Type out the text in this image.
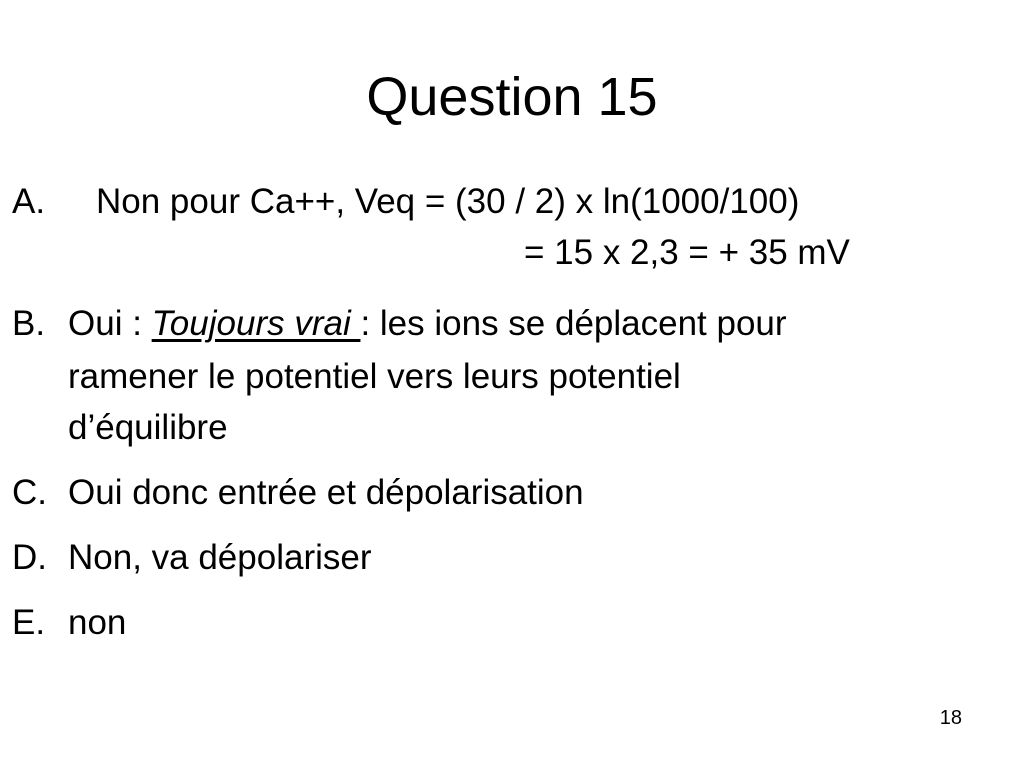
Question 15
A. Non pour Ca++, Veq = (30 / 2) x ln(1000/100)
= 15 x 2,3 = + 35 mV
B. Oui : Toujours vrai : les ions se déplacent pour
ramener le potentiel vers leurs potentiel
d’équilibre
C. Oui donc entrée et dépolarisation
D. Non, va dépolariser
E. non
18
